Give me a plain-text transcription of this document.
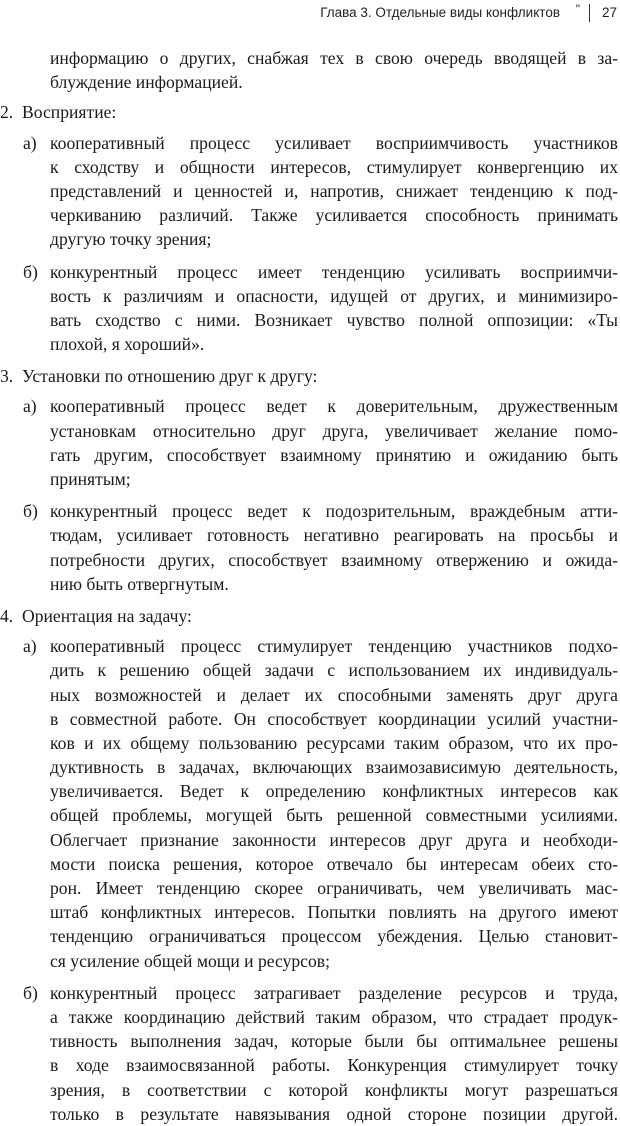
Глава 3. Отдельные виды конфликтов " 27
информацию о других, снабжая тех в свою очередь вводящей в за-
блуждение информацией.
2. Восприятие:
а) кооперативный процесс усиливает восприимчивость участников
к сходству и общности интересов, стимулирует конвергенцию их
представлений и ценностей и, напротив, снижает тенденцию к под-
черкиванию различий. Также усиливается способность принимать
другую точку зрения;
б) конкурентный процесс имеет тенденцию усиливать восприимчи-
вость к различиям и опасности, идущей от других, и минимизиро-
вать сходство с ними. Возникает чувство полной оппозиции: «Ты
плохой, я хороший».
3. Установки по отношению друг к другу:
а) кооперативный процесс ведет к доверительным, дружественным
установкам относительно друг друга, увеличивает желание помо-
гать другим, способствует взаимному принятию и ожиданию быть
принятым;
б) конкурентный процесс ведет к подозрительным, враждебным атти-
тюдам, усиливает готовность негативно реагировать на просьбы и
потребности других, способствует взаимному отвержению и ожида-
нию быть отвергнутым.
4. Ориентация на задачу:
а) кооперативный процесс стимулирует тенденцию участников подхо-
дить к решению общей задачи с использованием их индивидуаль-
ных возможностей и делает их способными заменять друг друга
в совместной работе. Он способствует координации усилий участни-
ков и их общему пользованию ресурсами таким образом, что их про-
дуктивность в задачах, включающих взаимозависимую деятельность,
увеличивается. Ведет к определению конфликтных интересов как
общей проблемы, могущей быть решенной совместными усилиями.
Облегчает признание законности интересов друг друга и необходи-
мости поиска решения, которое отвечало бы интересам обеих сто-
рон. Имеет тенденцию скорее ограничивать, чем увеличивать мас-
штаб конфликтных интересов. Попытки повлиять на другого имеют
тенденцию ограничиваться процессом убеждения. Целью становит-
ся усиление общей мощи и ресурсов;
б) конкурентный процесс затрагивает разделение ресурсов и труда,
а также координацию действий таким образом, что страдает продук-
тивность выполнения задач, которые были бы оптимальнее решены
в ходе взаимосвязанной работы. Конкуренция стимулирует точку
зрения, в соответствии с которой конфликты могут разрешаться
только в результате навязывания одной стороне позиции другой.
